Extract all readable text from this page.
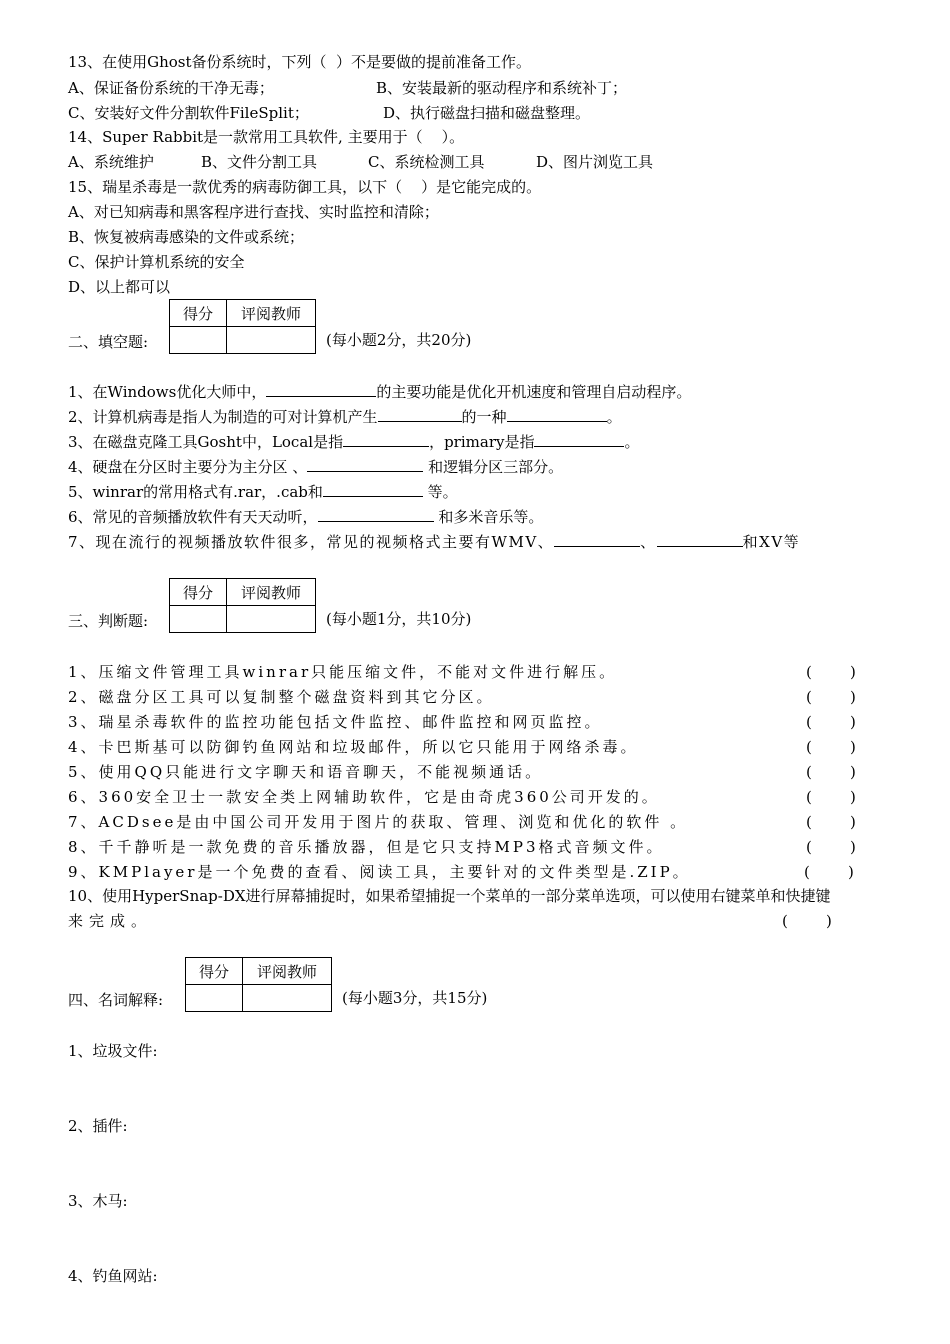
13、在使用Ghost备份系统时，下列（  ）不是要做的提前准备工作。
A、保证备份系统的干净无毒；	B、安装最新的驱动程序和系统补丁；
C、安装好文件分割软件FileSplit；	D、执行磁盘扫描和磁盘整理。
14、Super Rabbit是一款常用工具软件, 主要用于（    ）。
A、系统维护	B、文件分割工具	C、系统检测工具	D、图片浏览工具
15、瑞星杀毒是一款优秀的病毒防御工具，以下（    ）是它能完成的。
A、对已知病毒和黑客程序进行查找、实时监控和清除；
B、恢复被病毒感染的文件或系统；
C、保护计算机系统的安全
D、以上都可以
二、填空题:
得分	评阅教师

(每小题2分，共20分)
1、在Windows优化大师中，	的主要功能是优化开机速度和管理自启动程序。
2、计算机病毒是指人为制造的可对计算机产生	的一种	。
3、在磁盘克隆工具Gosht中，Local是指	，primary是指	。
4、硬盘在分区时主要分为主分区 、	和逻辑分区三部分。
5、winrar的常用格式有.rar，.cab和	等。
6、常见的音频播放软件有天天动听，	和多米音乐等。
7、现在流行的视频播放软件很多，常见的视频格式主要有WMV、	、	和XV等
三、判断题:
得分	评阅教师

(每小题1分，共10分)
1、压缩文件管理工具winrar只能压缩文件，不能对文件进行解压。	(        )
2、磁盘分区工具可以复制整个磁盘资料到其它分区。	(        )
3、瑞星杀毒软件的监控功能包括文件监控、邮件监控和网页监控。	(        )
4、卡巴斯基可以防御钓鱼网站和垃圾邮件，所以它只能用于网络杀毒。	(        )
5、使用QQ只能进行文字聊天和语音聊天，不能视频通话。	(        )
6、360安全卫士一款安全类上网辅助软件，它是由奇虎360公司开发的。	(        )
7、ACDsee是由中国公司开发用于图片的获取、管理、浏览和优化的软件 。	(        )
8、千千静听是一款免费的音乐播放器，但是它只支持MP3格式音频文件。	(        )
9、KMPlayer是一个免费的查看、阅读工具，主要针对的文件类型是.ZIP。	(        )
10、使用HyperSnap-DX进行屏幕捕捉时，如果希望捕捉一个菜单的一部分菜单选项，可以使用右键菜单和快捷键
来完成。	(        )
四、名词解释:
得分	评阅教师

(每小题3分，共15分)
1、垃圾文件:
2、插件:
3、木马:
4、钓鱼网站:
